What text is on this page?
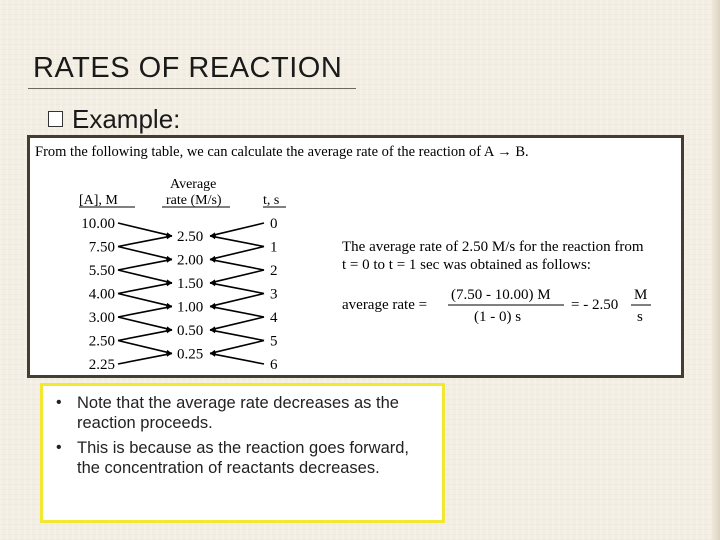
RATES OF REACTION
Example:
From the following table, we can calculate the average rate of the reaction of A → B.
[A], M
Average
rate (M/s)	t, s
10.00
7.50
5.50
4.00
3.00
2.50
2.25
2.50
2.00
1.50
1.00
0.50
0.25
0
1
2
3
4
5
6
The average rate of 2.50 M/s for the reaction from
t = 0 to t = 1 sec was obtained as follows:
average rate =
(7.50 - 10.00) M
(1 - 0) s
= - 2.50
M
s
• Note that the average rate decreases as the reaction proceeds.
• This is because as the reaction goes forward, the concentration of reactants decreases.
